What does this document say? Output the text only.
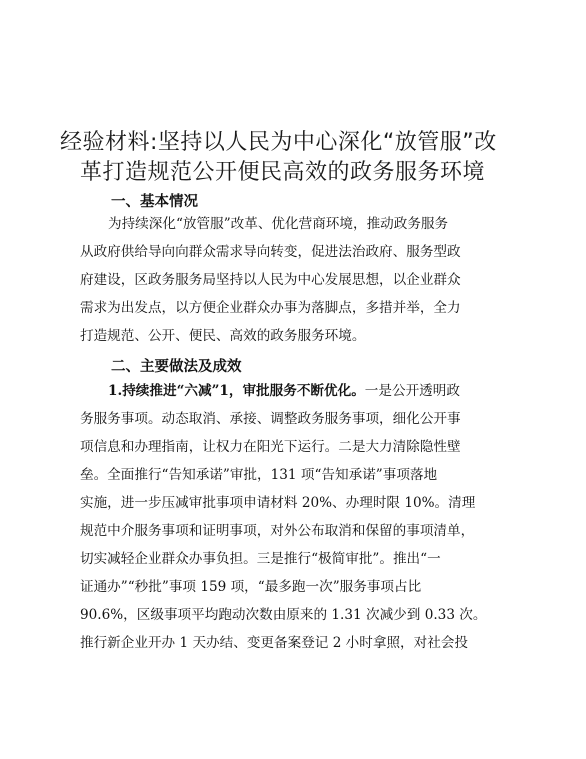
经验材料:坚持以人民为中心深化“放管服”改
革打造规范公开便民高效的政务服务环境
一、基本情况
为持续深化“放管服”改革、优化营商环境，推动政务服务
从政府供给导向向群众需求导向转变，促进法治政府、服务型政
府建设，区政务服务局坚持以人民为中心发展思想，以企业群众
需求为出发点，以方便企业群众办事为落脚点，多措并举，全力
打造规范、公开、便民、高效的政务服务环境。
二、主要做法及成效
1.持续推进“六减”1，审批服务不断优化。一是公开透明政
务服务事项。动态取消、承接、调整政务服务事项，细化公开事
项信息和办理指南，让权力在阳光下运行。二是大力清除隐性壁
垒。全面推行“告知承诺”审批，131 项“告知承诺”事项落地
实施，进一步压减审批事项申请材料 20%、办理时限 10%。清理
规范中介服务事项和证明事项，对外公布取消和保留的事项清单，
切实减轻企业群众办事负担。三是推行“极简审批”。推出“一
证通办”“秒批”事项 159 项，“最多跑一次”服务事项占比
90.6%，区级事项平均跑动次数由原来的 1.31 次减少到 0.33 次。
推行新企业开办 1 天办结、变更备案登记 2 小时拿照，对社会投
